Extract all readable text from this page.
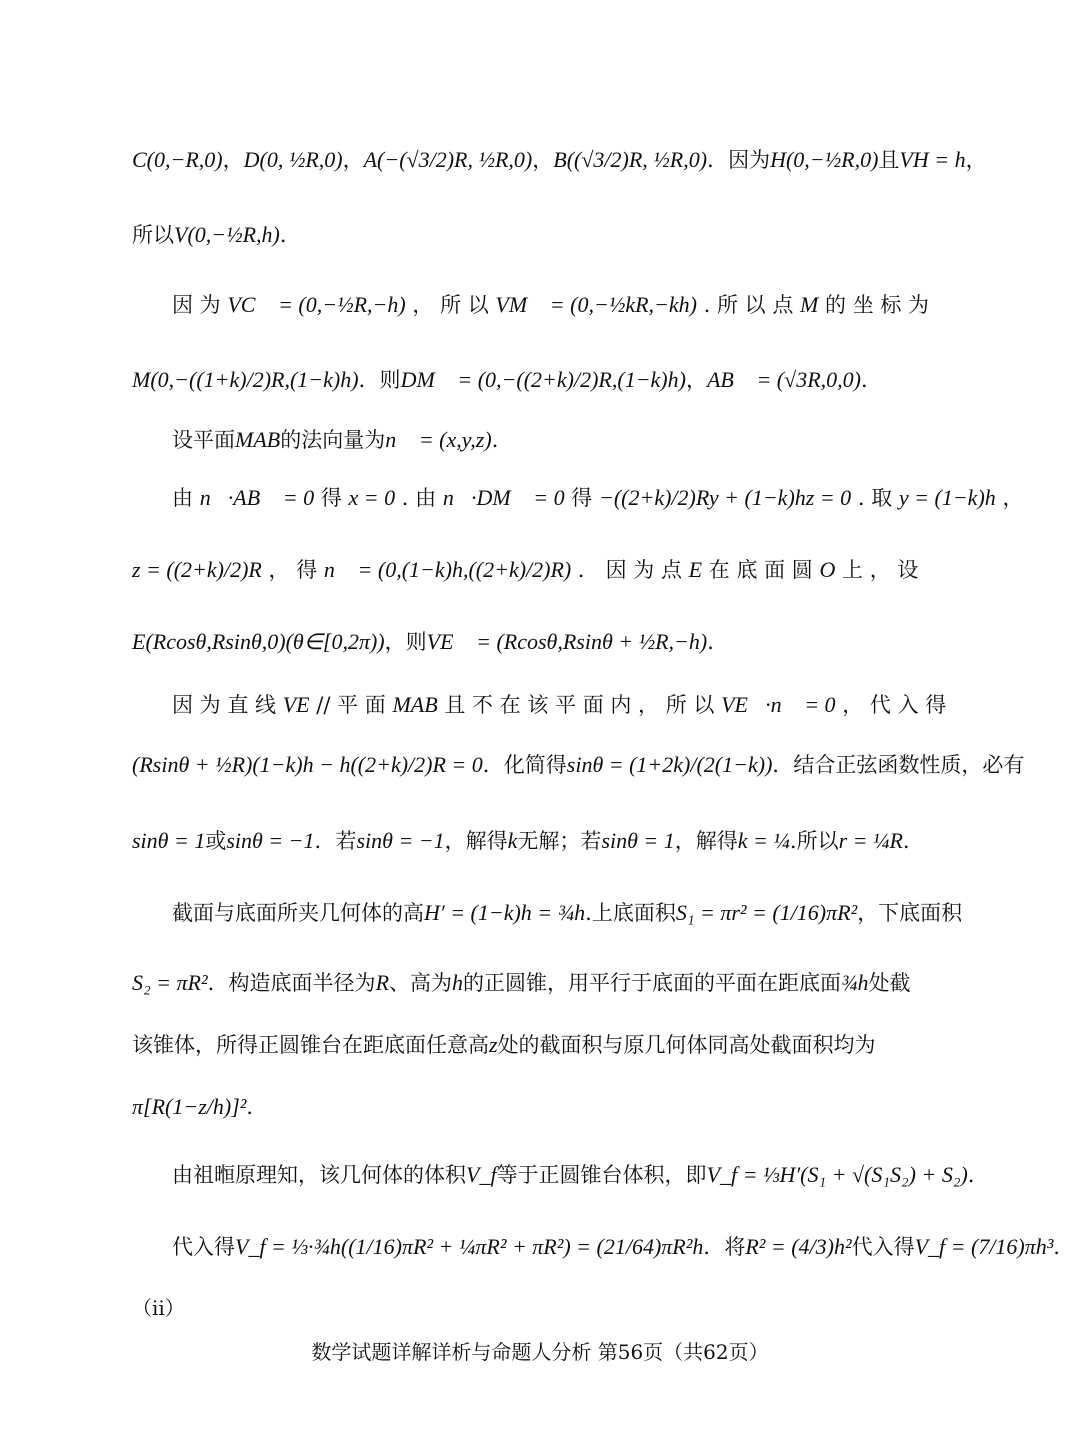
C(0,−R,0)，D(0, ½R,0)，A(−(√3/2)R, ½R,0)，B((√3/2)R, ½R,0)．因为H(0,−½R,0)且VH = h，
所以V(0,−½R,h)．
因 为 VC⃗ = (0,−½R,−h) ， 所 以 VM⃗ = (0,−½kR,−kh) . 所 以 点 M 的 坐 标 为
M(0,−((1+k)/2)R,(1−k)h)．则DM⃗ = (0,−((2+k)/2)R,(1−k)h)，AB⃗ = (√3R,0,0)．
设平面MAB的法向量为n⃗ = (x,y,z)．
由 n⃗·AB⃗ = 0 得 x = 0 . 由 n⃗·DM⃗ = 0 得 −((2+k)/2)Ry + (1−k)hz = 0 . 取 y = (1−k)h ，
z = ((2+k)/2)R ， 得 n⃗ = (0,(1−k)h,((2+k)/2)R) ． 因 为 点 E 在 底 面 圆 O 上 ， 设
E(Rcosθ,Rsinθ,0)(θ∈[0,2π))，则VE⃗ = (Rcosθ,Rsinθ + ½R,−h)．
因 为 直 线 VE // 平 面 MAB 且 不 在 该 平 面 内 ， 所 以 VE⃗·n⃗ = 0 ， 代 入 得
(Rsinθ + ½R)(1−k)h − h((2+k)/2)R = 0．化简得sinθ = (1+2k)/(2(1−k))．结合正弦函数性质，必有
sinθ = 1或sinθ = −1．若sinθ = −1，解得k无解；若sinθ = 1，解得k = ¼.所以r = ¼R．
截面与底面所夹几何体的高H′ = (1−k)h = ¾h.上底面积S₁ = πr² = (1/16)πR²，下底面积
S₂ = πR²．构造底面半径为R、高为h的正圆锥，用平行于底面的平面在距底面¾h处截
该锥体，所得正圆锥台在距底面任意高z处的截面积与原几何体同高处截面积均为
π[R(1−z/h)]²．
由祖暅原理知，该几何体的体积V_f等于正圆锥台体积，即V_f = ⅓H′(S₁ + √(S₁S₂) + S₂)．
代入得V_f = ⅓·¾h((1/16)πR² + ¼πR² + πR²) = (21/64)πR²h．将R² = (4/3)h²代入得V_f = (7/16)πh³．
（ii）
数学试题详解详析与命题人分析 第56页（共62页）
